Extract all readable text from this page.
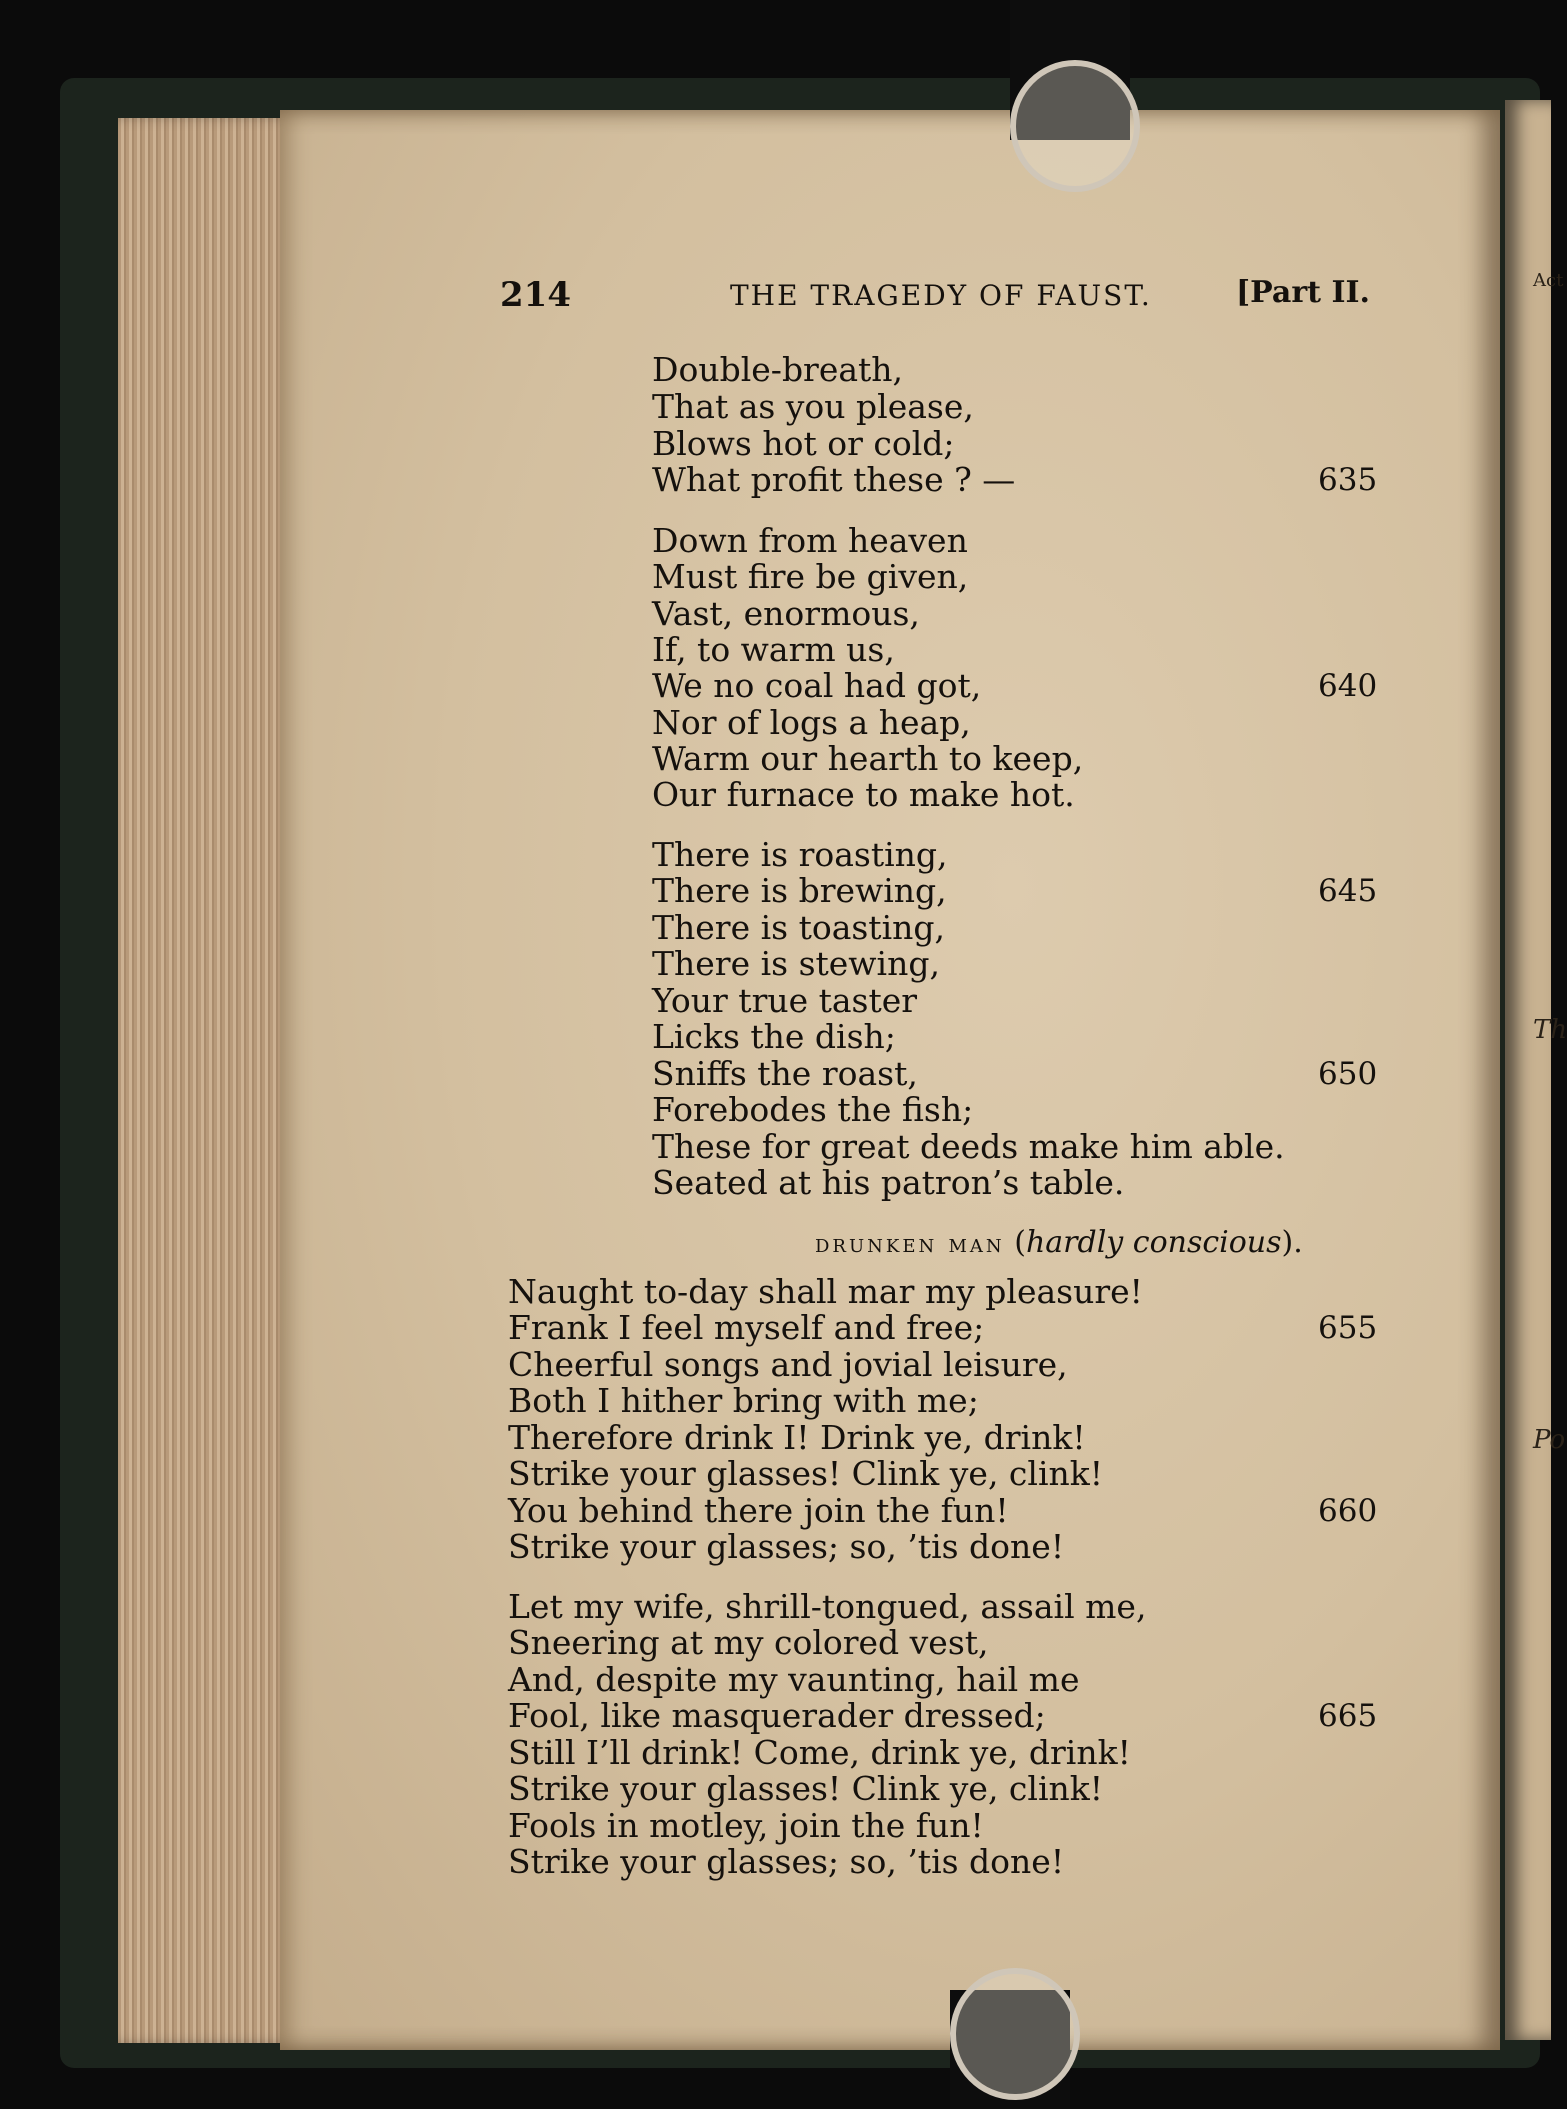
Act
Th
Po
214	THE TRAGEDY OF FAUST.	[Part II.
Double-breath,
That as you please,
Blows hot or cold;
What profit these ? —	635
Down from heaven
Must fire be given,
Vast, enormous,
If, to warm us,
We no coal had got,	640
Nor of logs a heap,
Warm our hearth to keep,
Our furnace to make hot.
There is roasting,
There is brewing,	645
There is toasting,
There is stewing,
Your true taster
Licks the dish;
Sniffs the roast,	650
Forebodes the fish;
These for great deeds make him able.
Seated at his patron’s table.
drunken man (hardly conscious).
Naught to-day shall mar my pleasure!
Frank I feel myself and free;	655
Cheerful songs and jovial leisure,
Both I hither bring with me;
Therefore drink I! Drink ye, drink!
Strike your glasses! Clink ye, clink!
You behind there join the fun!	660
Strike your glasses; so, ’tis done!
Let my wife, shrill-tongued, assail me,
Sneering at my colored vest,
And, despite my vaunting, hail me
Fool, like masquerader dressed;	665
Still I’ll drink! Come, drink ye, drink!
Strike your glasses! Clink ye, clink!
Fools in motley, join the fun!
Strike your glasses; so, ’tis done!
